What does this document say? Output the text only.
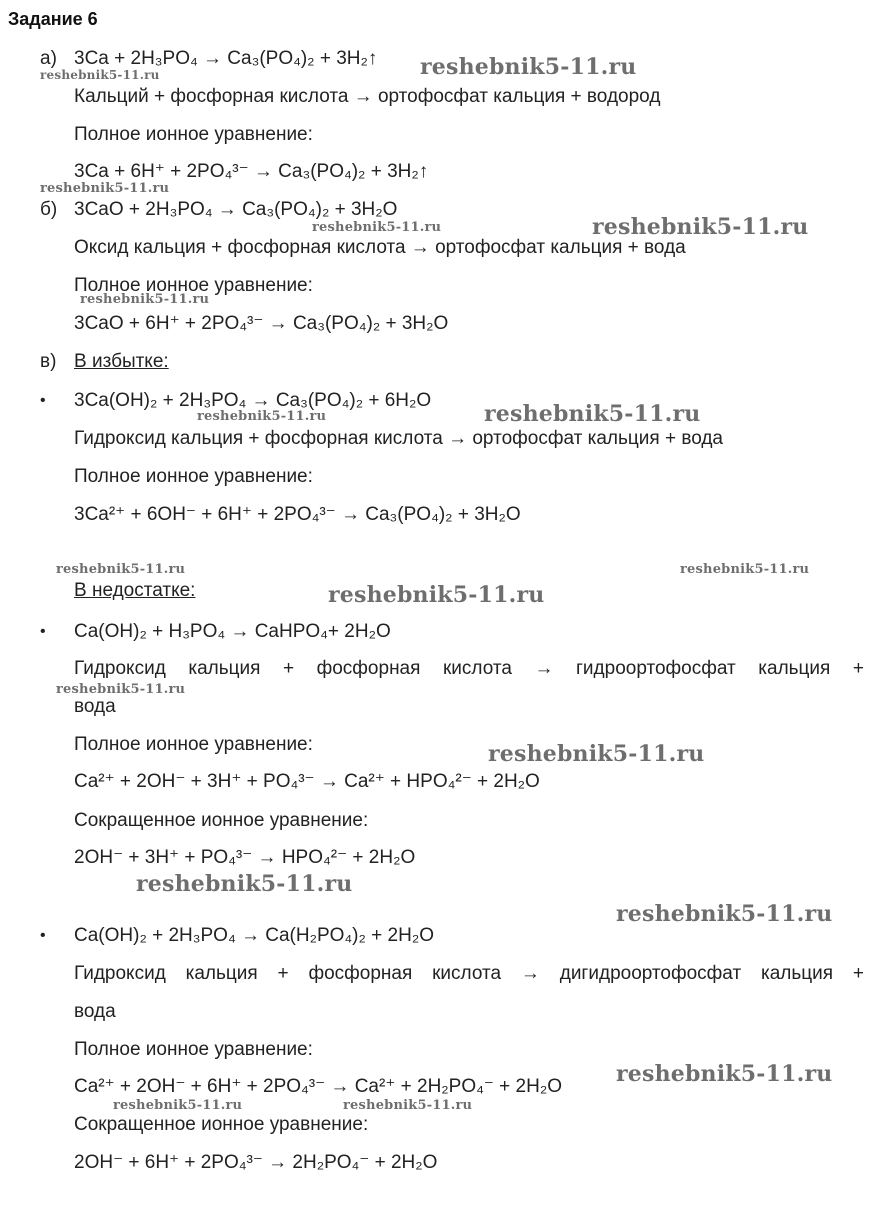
Задание 6
а) 3Ca + 2H₃PO₄ → Ca₃(PO₄)₂ + 3H₂↑
Кальций + фосфорная кислота → ортофосфат кальция + водород
Полное ионное уравнение:
3Ca + 6H⁺ + 2PO₄³⁻ → Ca₃(PO₄)₂ + 3H₂↑
б) 3CaO + 2H₃PO₄ → Ca₃(PO₄)₂ + 3H₂O
Оксид кальция + фосфорная кислота → ортофосфат кальция + вода
Полное ионное уравнение:
3CaO + 6H⁺ + 2PO₄³⁻ → Ca₃(PO₄)₂ + 3H₂O
в) В избытке:
• 3Ca(OH)₂ + 2H₃PO₄ → Ca₃(PO₄)₂ + 6H₂O
Гидроксид кальция + фосфорная кислота → ортофосфат кальция + вода
Полное ионное уравнение:
3Ca²⁺ + 6OH⁻ + 6H⁺ + 2PO₄³⁻ → Ca₃(PO₄)₂ + 3H₂O
В недостатке:
• Ca(OH)₂ + H₃PO₄ → CaHPO₄+ 2H₂O
Гидроксид кальция + фосфорная кислота → гидроортофосфат кальция +
вода
Полное ионное уравнение:
Ca²⁺ + 2OH⁻ + 3H⁺ + PO₄³⁻ → Ca²⁺ + HPO₄²⁻ + 2H₂O
Сокращенное ионное уравнение:
2OH⁻ + 3H⁺ + PO₄³⁻ → HPO₄²⁻ + 2H₂O
• Ca(OH)₂ + 2H₃PO₄ → Ca(H₂PO₄)₂ + 2H₂O
Гидроксид кальция + фосфорная кислота → дигидроортофосфат кальция +
вода
Полное ионное уравнение:
Ca²⁺ + 2OH⁻ + 6H⁺ + 2PO₄³⁻ → Ca²⁺ + 2H₂PO₄⁻ + 2H₂O
Сокращенное ионное уравнение:
2OH⁻ + 6H⁺ + 2PO₄³⁻ → 2H₂PO₄⁻ + 2H₂O
reshebnik5-11.ru
reshebnik5-11.ru
reshebnik5-11.ru
reshebnik5-11.ru	reshebnik5-11.ru
reshebnik5-11.ru
reshebnik5-11.ru	reshebnik5-11.ru
reshebnik5-11.ru	reshebnik5-11.ru
reshebnik5-11.ru
reshebnik5-11.ru
reshebnik5-11.ru
reshebnik5-11.ru
reshebnik5-11.ru
reshebnik5-11.ru
reshebnik5-11.ru	reshebnik5-11.ru
